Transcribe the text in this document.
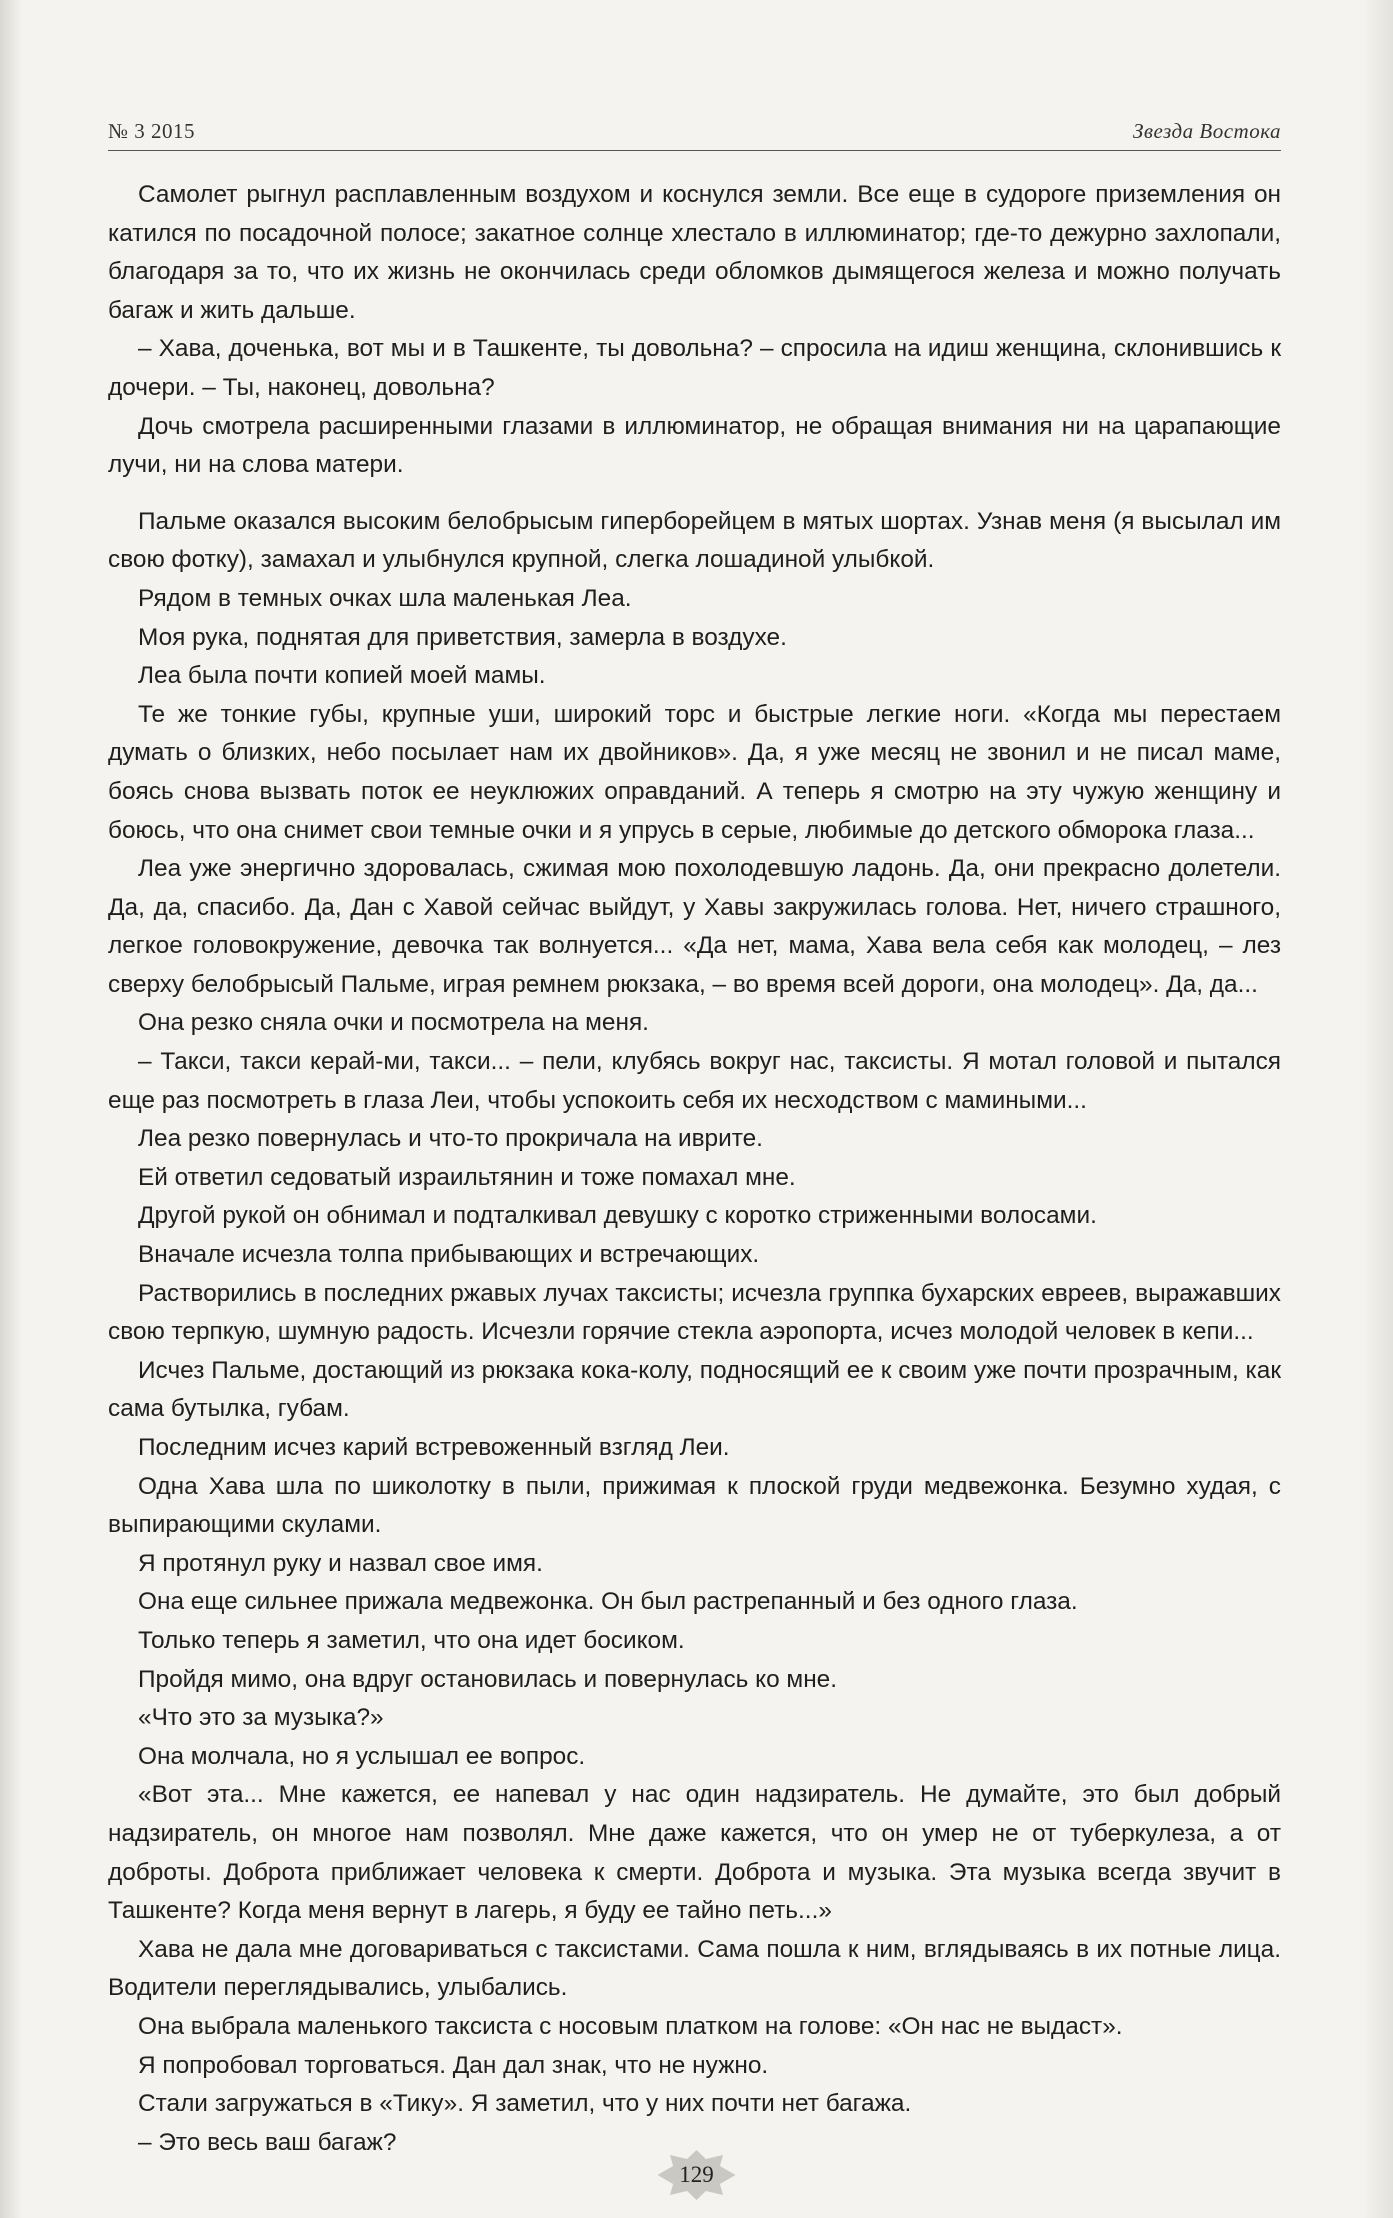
№ 3 2015	Звезда Востока

Самолет рыгнул расплавленным воздухом и коснулся земли. Все еще в судороге приземления он катился по посадочной полосе; закатное солнце хлестало в иллюминатор; где-то дежурно захлопали, благодаря за то, что их жизнь не окончилась среди обломков дымящегося железа и можно получать багаж и жить дальше.

– Хава, доченька, вот мы и в Ташкенте, ты довольна? – спросила на идиш женщина, склонившись к дочери. – Ты, наконец, довольна?

Дочь смотрела расширенными глазами в иллюминатор, не обращая внимания ни на царапающие лучи, ни на слова матери.

Пальме оказался высоким белобрысым гиперборейцем в мятых шортах. Узнав меня (я высылал им свою фотку), замахал и улыбнулся крупной, слегка лошадиной улыбкой.

Рядом в темных очках шла маленькая Леа.

Моя рука, поднятая для приветствия, замерла в воздухе.

Леа была почти копией моей мамы.

Те же тонкие губы, крупные уши, широкий торс и быстрые легкие ноги. «Когда мы перестаем думать о близких, небо посылает нам их двойников». Да, я уже месяц не звонил и не писал маме, боясь снова вызвать поток ее неуклюжих оправданий. А теперь я смотрю на эту чужую женщину и боюсь, что она снимет свои темные очки и я упрусь в серые, любимые до детского обморока глаза...

Леа уже энергично здоровалась, сжимая мою похолодевшую ладонь. Да, они прекрасно долетели. Да, да, спасибо. Да, Дан с Хавой сейчас выйдут, у Хавы закружилась голова. Нет, ничего страшного, легкое головокружение, девочка так волнуется... «Да нет, мама, Хава вела себя как молодец, – лез сверху белобрысый Пальме, играя ремнем рюкзака, – во время всей дороги, она молодец». Да, да...

Она резко сняла очки и посмотрела на меня.

– Такси, такси керай-ми, такси... – пели, клубясь вокруг нас, таксисты. Я мотал головой и пытался еще раз посмотреть в глаза Леи, чтобы успокоить себя их несходством с мамиными...

Леа резко повернулась и что-то прокричала на иврите.

Ей ответил седоватый израильтянин и тоже помахал мне.

Другой рукой он обнимал и подталкивал девушку с коротко стриженными волосами.

Вначале исчезла толпа прибывающих и встречающих.

Растворились в последних ржавых лучах таксисты; исчезла группка бухарских евреев, выражавших свою терпкую, шумную радость. Исчезли горячие стекла аэропорта, исчез молодой человек в кепи...

Исчез Пальме, достающий из рюкзака кока-колу, подносящий ее к своим уже почти прозрачным, как сама бутылка, губам.

Последним исчез карий встревоженный взгляд Леи.

Одна Хава шла по шиколотку в пыли, прижимая к плоской груди медвежонка. Безумно худая, с выпирающими скулами.

Я протянул руку и назвал свое имя.

Она еще сильнее прижала медвежонка. Он был растрепанный и без одного глаза.

Только теперь я заметил, что она идет босиком.

Пройдя мимо, она вдруг остановилась и повернулась ко мне.

«Что это за музыка?»

Она молчала, но я услышал ее вопрос.

«Вот эта... Мне кажется, ее напевал у нас один надзиратель. Не думайте, это был добрый надзиратель, он многое нам позволял. Мне даже кажется, что он умер не от туберкулеза, а от доброты. Доброта приближает человека к смерти. Доброта и музыка. Эта музыка всегда звучит в Ташкенте? Когда меня вернут в лагерь, я буду ее тайно петь...»

Хава не дала мне договариваться с таксистами. Сама пошла к ним, вглядываясь в их потные лица. Водители переглядывались, улыбались.

Она выбрала маленького таксиста с носовым платком на голове: «Он нас не выдаст».

Я попробовал торговаться. Дан дал знак, что не нужно.

Стали загружаться в «Тику». Я заметил, что у них почти нет багажа.

– Это весь ваш багаж?

129
